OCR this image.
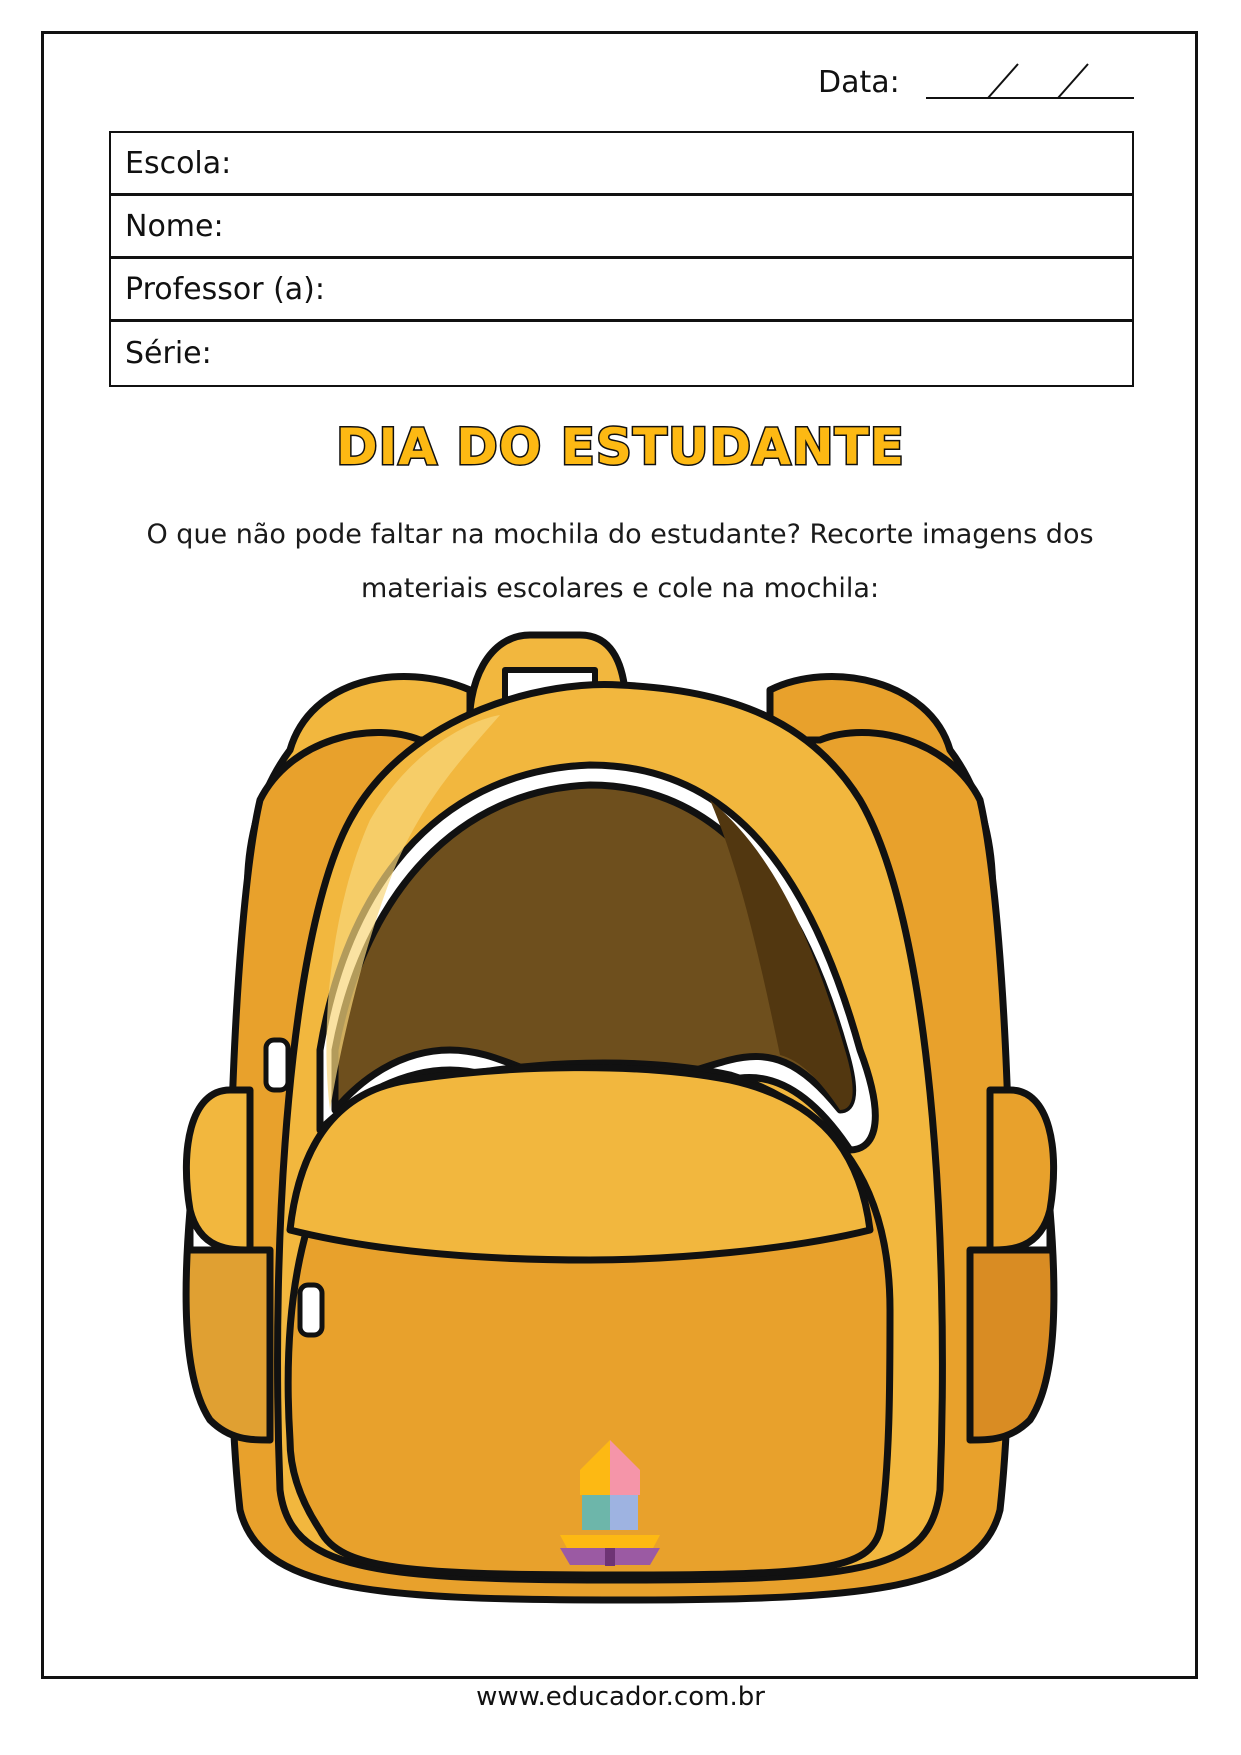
Data:
Escola:
Nome:
Professor (a):
Série:
DIA DO ESTUDANTE
O que não pode faltar na mochila do estudante? Recorte imagens dos
materiais escolares e cole na mochila:
www.educador.com.br
